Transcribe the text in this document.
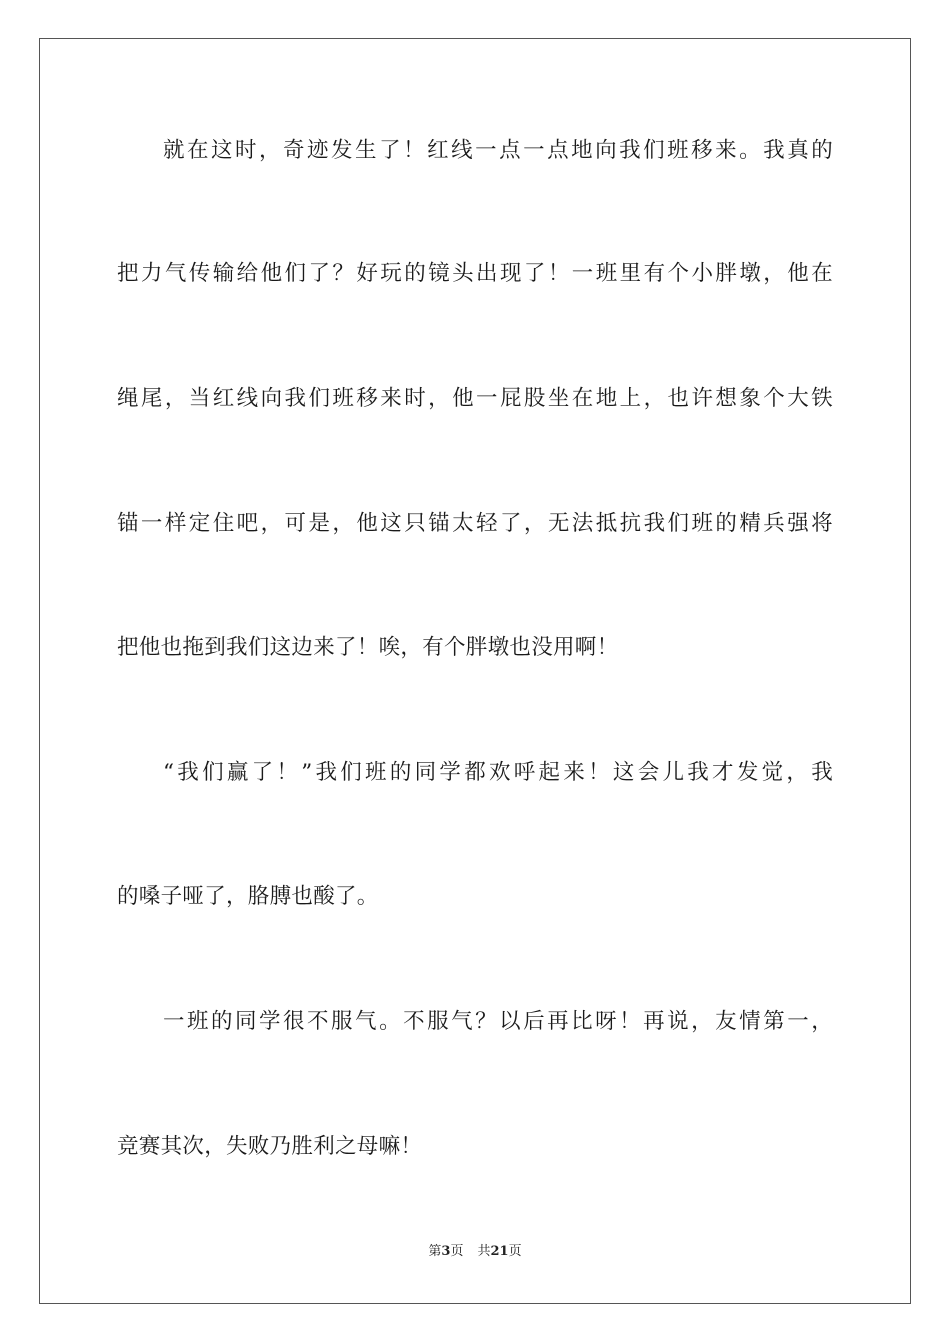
就在这时，奇迹发生了！红线一点一点地向我们班移来。我真的
把力气传输给他们了？好玩的镜头出现了！一班里有个小胖墩，他在
绳尾，当红线向我们班移来时，他一屁股坐在地上，也许想象个大铁
锚一样定住吧，可是，他这只锚太轻了，无法抵抗我们班的精兵强将
把他也拖到我们这边来了！唉，有个胖墩也没用啊！
“我们赢了！”我们班的同学都欢呼起来！这会儿我才发觉，我
的嗓子哑了，胳膊也酸了。
一班的同学很不服气。不服气？以后再比呀！再说，友情第一，
竞赛其次，失败乃胜利之母嘛！
第3页 共21页
